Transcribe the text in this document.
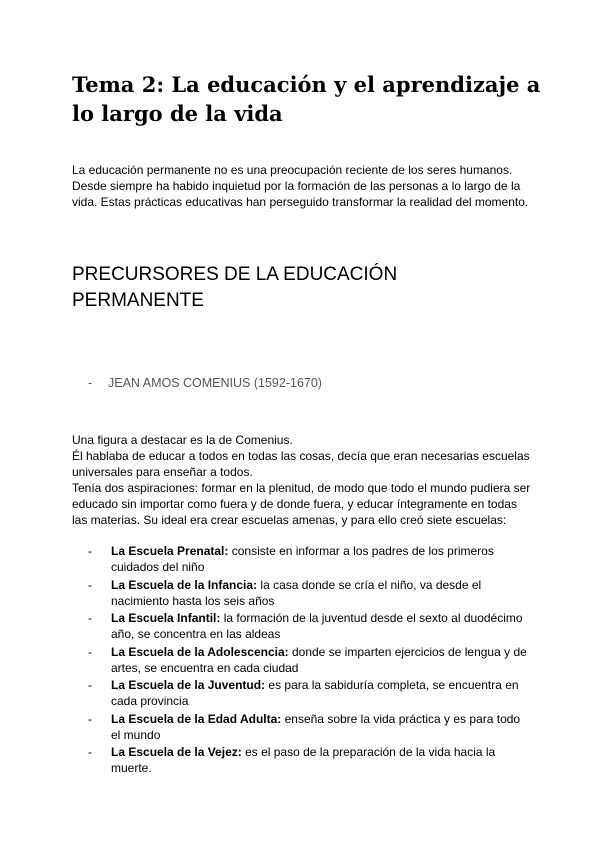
Tema 2: La educación y el aprendizaje a lo largo de la vida

La educación permanente no es una preocupación reciente de los seres humanos. Desde siempre ha habido inquietud por la formación de las personas a lo largo de la vida. Estas prácticas educativas han perseguido transformar la realidad del momento.

PRECURSORES DE LA EDUCACIÓN PERMANENTE

- JEAN AMOS COMENIUS (1592-1670)

Una figura a destacar es la de Comenius.

Él hablaba de educar a todos en todas las cosas, decía que eran necesarias escuelas universales para enseñar a todos.

Tenía dos aspiraciones: formar en la plenitud, de modo que todo el mundo pudiera ser educado sin importar como fuera y de donde fuera, y educar íntegramente en todas las materias. Su ideal era crear escuelas amenas, y para ello creó siete escuelas:

- La Escuela Prenatal: consiste en informar a los padres de los primeros cuidados del niño
- La Escuela de la Infancia: la casa donde se cría el niño, va desde el nacimiento hasta los seis años
- La Escuela Infantil: la formación de la juventud desde el sexto al duodécimo año, se concentra en las aldeas
- La Escuela de la Adolescencia: donde se imparten ejercicios de lengua y de artes, se encuentra en cada ciudad
- La Escuela de la Juventud: es para la sabiduría completa, se encuentra en cada provincia
- La Escuela de la Edad Adulta: enseña sobre la vida práctica y es para todo el mundo
- La Escuela de la Vejez: es el paso de la preparación de la vida hacia la muerte.
